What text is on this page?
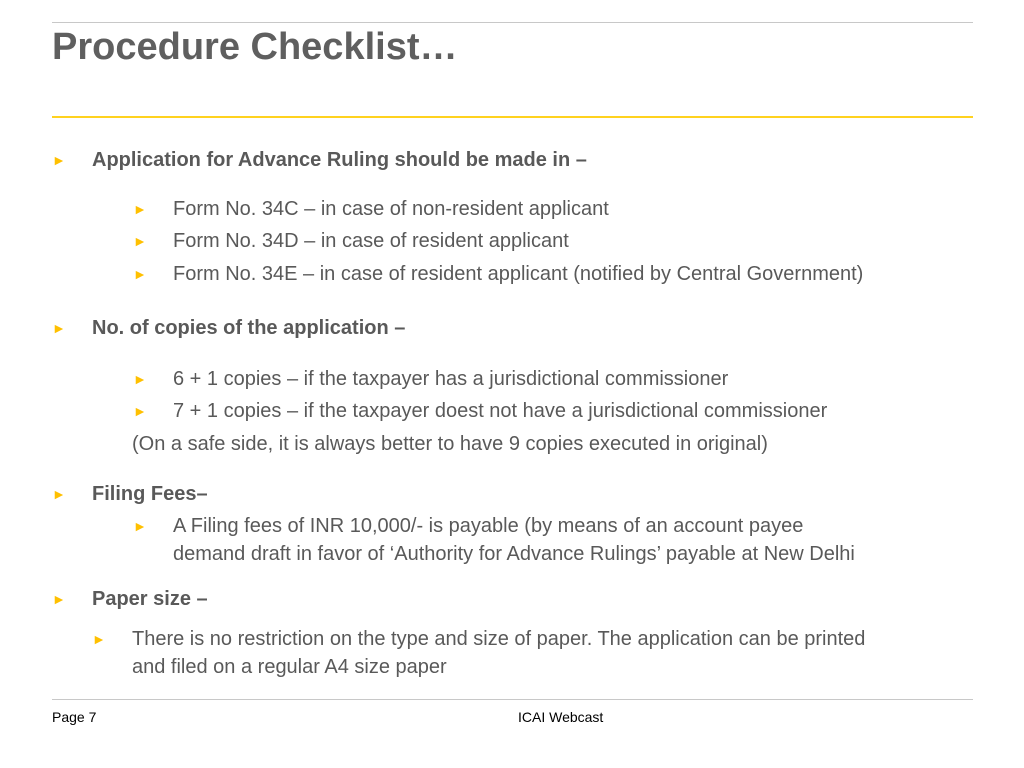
Procedure Checklist…
► Application for Advance Ruling should be made in –
► Form No. 34C – in case of non-resident applicant
► Form No. 34D – in case of resident applicant
► Form No. 34E – in case of resident applicant (notified by Central Government)
► No. of copies of the application –
► 6 + 1 copies – if the taxpayer has a jurisdictional commissioner
► 7 + 1 copies – if the taxpayer doest not have a jurisdictional commissioner
(On a safe side, it is always better to have 9 copies executed in original)
► Filing Fees–
► A Filing fees of INR 10,000/- is payable (by means of an account payee
demand draft in favor of ‘Authority for Advance Rulings’ payable at New Delhi
► Paper size –
► There is no restriction on the type and size of paper. The application can be printed
and filed on a regular A4 size paper
Page 7	ICAI Webcast
